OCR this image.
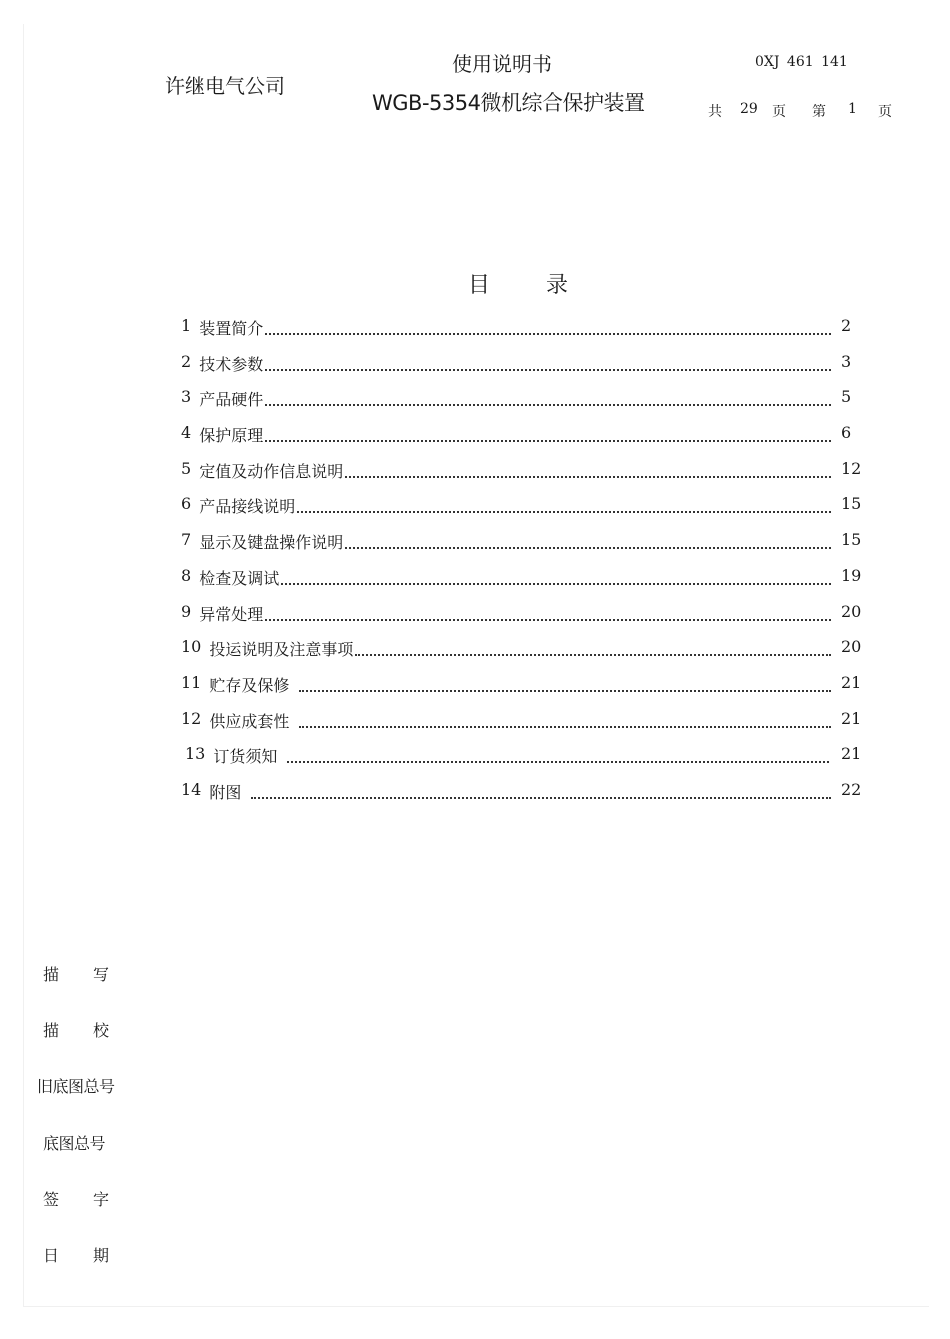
许继电气公司
使用说明书
WGB-5354微机综合保护装置
0XJ 461 141
共	29	页	第	1	页
目	录
1 装置简介	2
2 技术参数	3
3 产品硬件	5
4 保护原理	6
5 定值及动作信息说明	12
6 产品接线说明	15
7 显示及键盘操作说明	15
8 检查及调试	19
9 异常处理	20
10 投运说明及注意事项	20
11 贮存及保修	21
12 供应成套性	21
13 订货须知	21
14 附图	22
描 写
描 校
旧底图总号
底图总号
签 字
日 期
